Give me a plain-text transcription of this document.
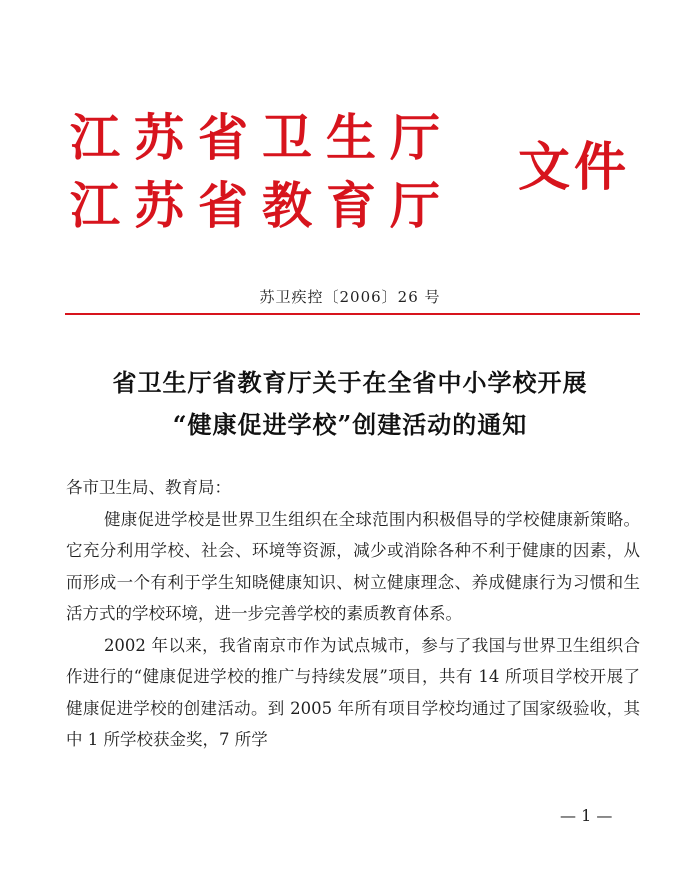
江苏省卫生厅
江苏省教育厅
文件
苏卫疾控〔2006〕26 号
省卫生厅省教育厅关于在全省中小学校开展
“健康促进学校”创建活动的通知

各市卫生局、教育局：

健康促进学校是世界卫生组织在全球范围内积极倡导的学校健康新策略。它充分利用学校、社会、环境等资源，减少或消除各种不利于健康的因素，从而形成一个有利于学生知晓健康知识、树立健康理念、养成健康行为习惯和生活方式的学校环境，进一步完善学校的素质教育体系。

2002 年以来，我省南京市作为试点城市，参与了我国与世界卫生组织合作进行的“健康促进学校的推广与持续发展”项目，共有 14 所项目学校开展了健康促进学校的创建活动。到 2005 年所有项目学校均通过了国家级验收，其中 1 所学校获金奖，7 所学

— 1 —
